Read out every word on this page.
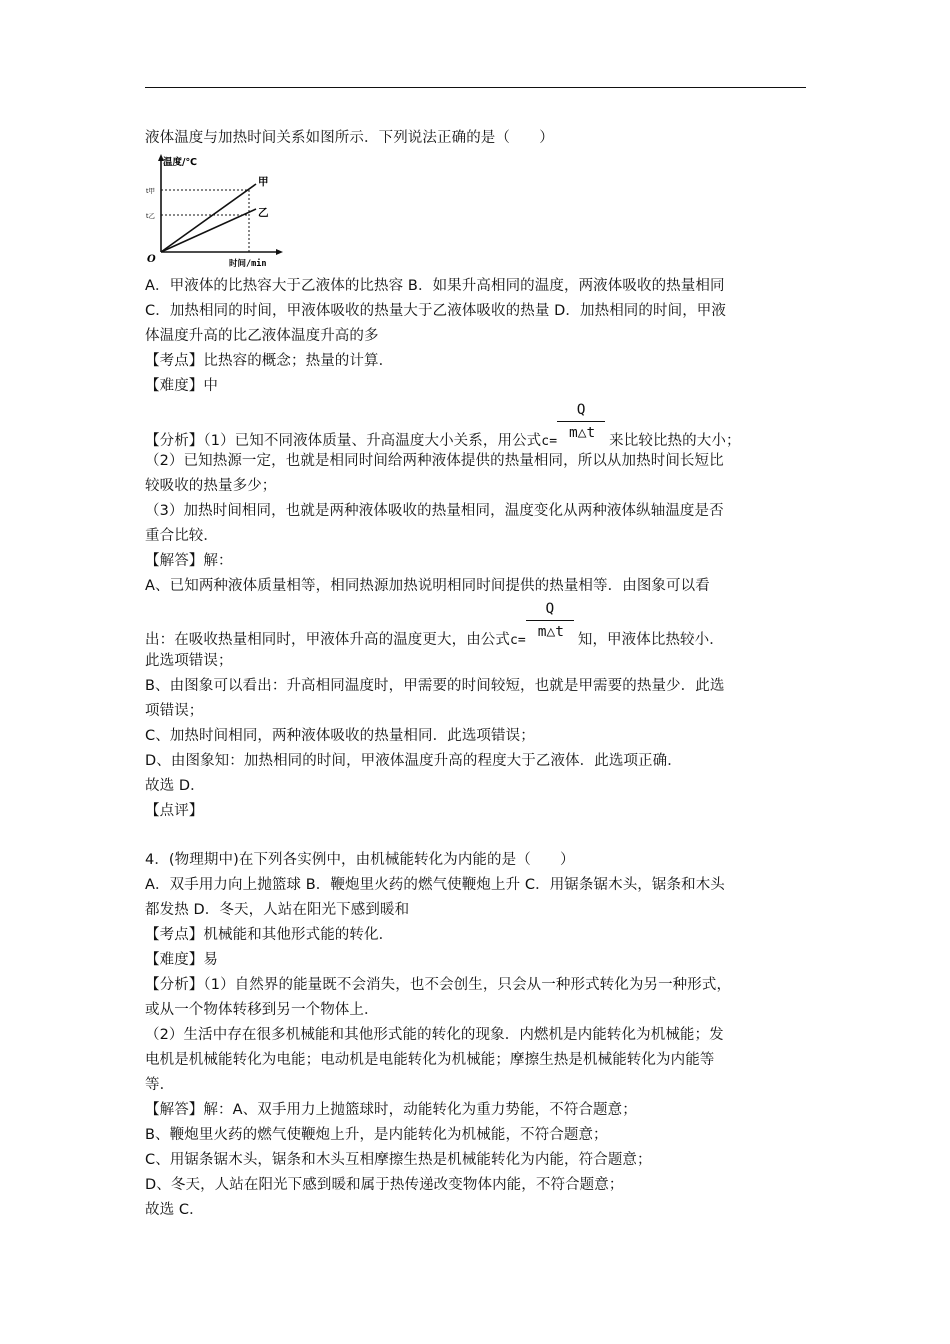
液体温度与加热时间关系如图所示．下列说法正确的是（　　）
温度/℃
时间/min
O
t甲
t乙
甲
乙
A．甲液体的比热容大于乙液体的比热容 B．如果升高相同的温度，两液体吸收的热量相同
C．加热相同的时间，甲液体吸收的热量大于乙液体吸收的热量 D．加热相同的时间，甲液
体温度升高的比乙液体温度升高的多
【考点】比热容的概念；热量的计算．
【难度】中
【分析】（1）已知不同液体质量、升高温度大小关系，用公式$c= \frac{Q}{m\triangle t}$ 来比较比热的大小；
（2）已知热源一定，也就是相同时间给两种液体提供的热量相同，所以从加热时间长短比
较吸收的热量多少；
（3）加热时间相同，也就是两种液体吸收的热量相同，温度变化从两种液体纵轴温度是否
重合比较．
【解答】解：
A、已知两种液体质量相等，相同热源加热说明相同时间提供的热量相等．由图象可以看
出：在吸收热量相同时，甲液体升高的温度更大，由公式$c= \frac{Q}{m\triangle t}$ 知，甲液体比热较小．
此选项错误；
B、由图象可以看出：升高相同温度时，甲需要的时间较短，也就是甲需要的热量少．此选
项错误；
C、加热时间相同，两种液体吸收的热量相同．此选项错误；
D、由图象知：加热相同的时间，甲液体温度升高的程度大于乙液体．此选项正确．
故选 D．
【点评】
4．(物理期中)在下列各实例中，由机械能转化为内能的是（　　）
A．双手用力向上抛篮球 B．鞭炮里火药的燃气使鞭炮上升 C．用锯条锯木头，锯条和木头
都发热 D．冬天，人站在阳光下感到暖和
【考点】机械能和其他形式能的转化．
【难度】易
【分析】（1）自然界的能量既不会消失，也不会创生，只会从一种形式转化为另一种形式，
或从一个物体转移到另一个物体上．
（2）生活中存在很多机械能和其他形式能的转化的现象．内燃机是内能转化为机械能；发
电机是机械能转化为电能；电动机是电能转化为机械能；摩擦生热是机械能转化为内能等
等．
【解答】解：A、双手用力上抛篮球时，动能转化为重力势能，不符合题意；
B、鞭炮里火药的燃气使鞭炮上升，是内能转化为机械能，不符合题意；
C、用锯条锯木头，锯条和木头互相摩擦生热是机械能转化为内能，符合题意；
D、冬天，人站在阳光下感到暖和属于热传递改变物体内能，不符合题意；
故选 C．
